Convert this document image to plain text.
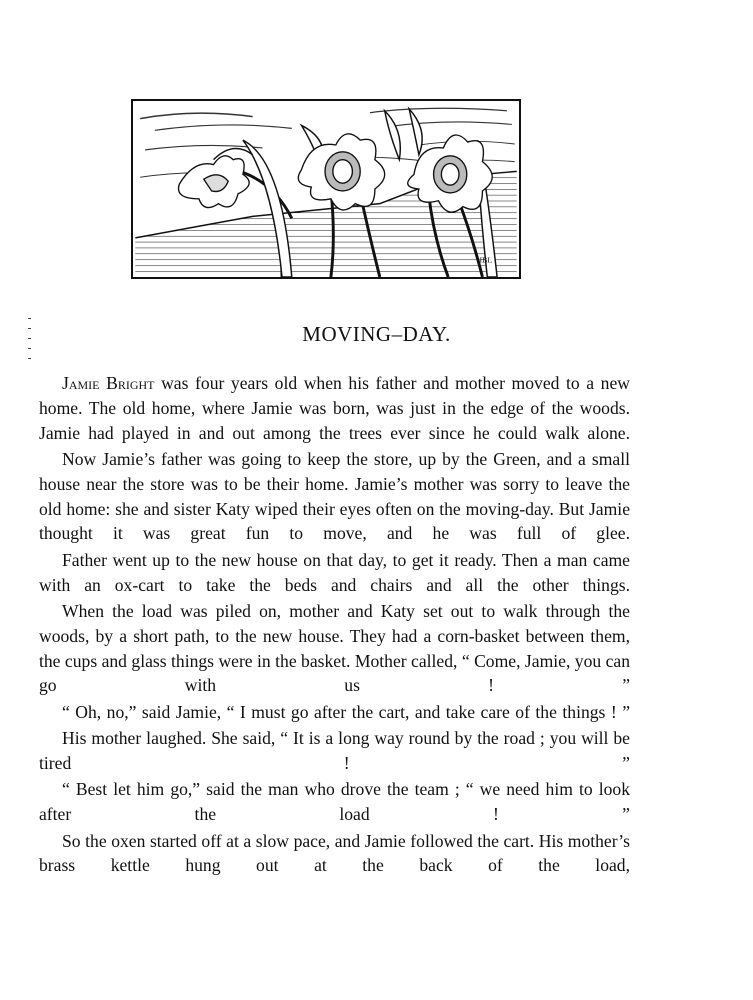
IBL
MOVING–DAY.

Jamie Bright was four years old when his father and mother moved to a new home. The old home, where Jamie was born, was just in the edge of the woods. Jamie had played in and out among the trees ever since he could walk alone.

Now Jamie’s father was going to keep the store, up by the Green, and a small house near the store was to be their home. Jamie’s mother was sorry to leave the old home: she and sister Katy wiped their eyes often on the moving-day. But Jamie thought it was great fun to move, and he was full of glee.

Father went up to the new house on that day, to get it ready. Then a man came with an ox-cart to take the beds and chairs and all the other things.

When the load was piled on, mother and Katy set out to walk through the woods, by a short path, to the new house. They had a corn-basket between them, the cups and glass things were in the basket. Mother called, “ Come, Jamie, you can go with us ! ”

“ Oh, no,” said Jamie, “ I must go after the cart, and take care of the things ! ”

His mother laughed. She said, “ It is a long way round by the road ; you will be tired ! ”

“ Best let him go,” said the man who drove the team ; “ we need him to look after the load ! ”

So the oxen started off at a slow pace, and Jamie followed the cart. His mother’s brass kettle hung out at the back of the load,
